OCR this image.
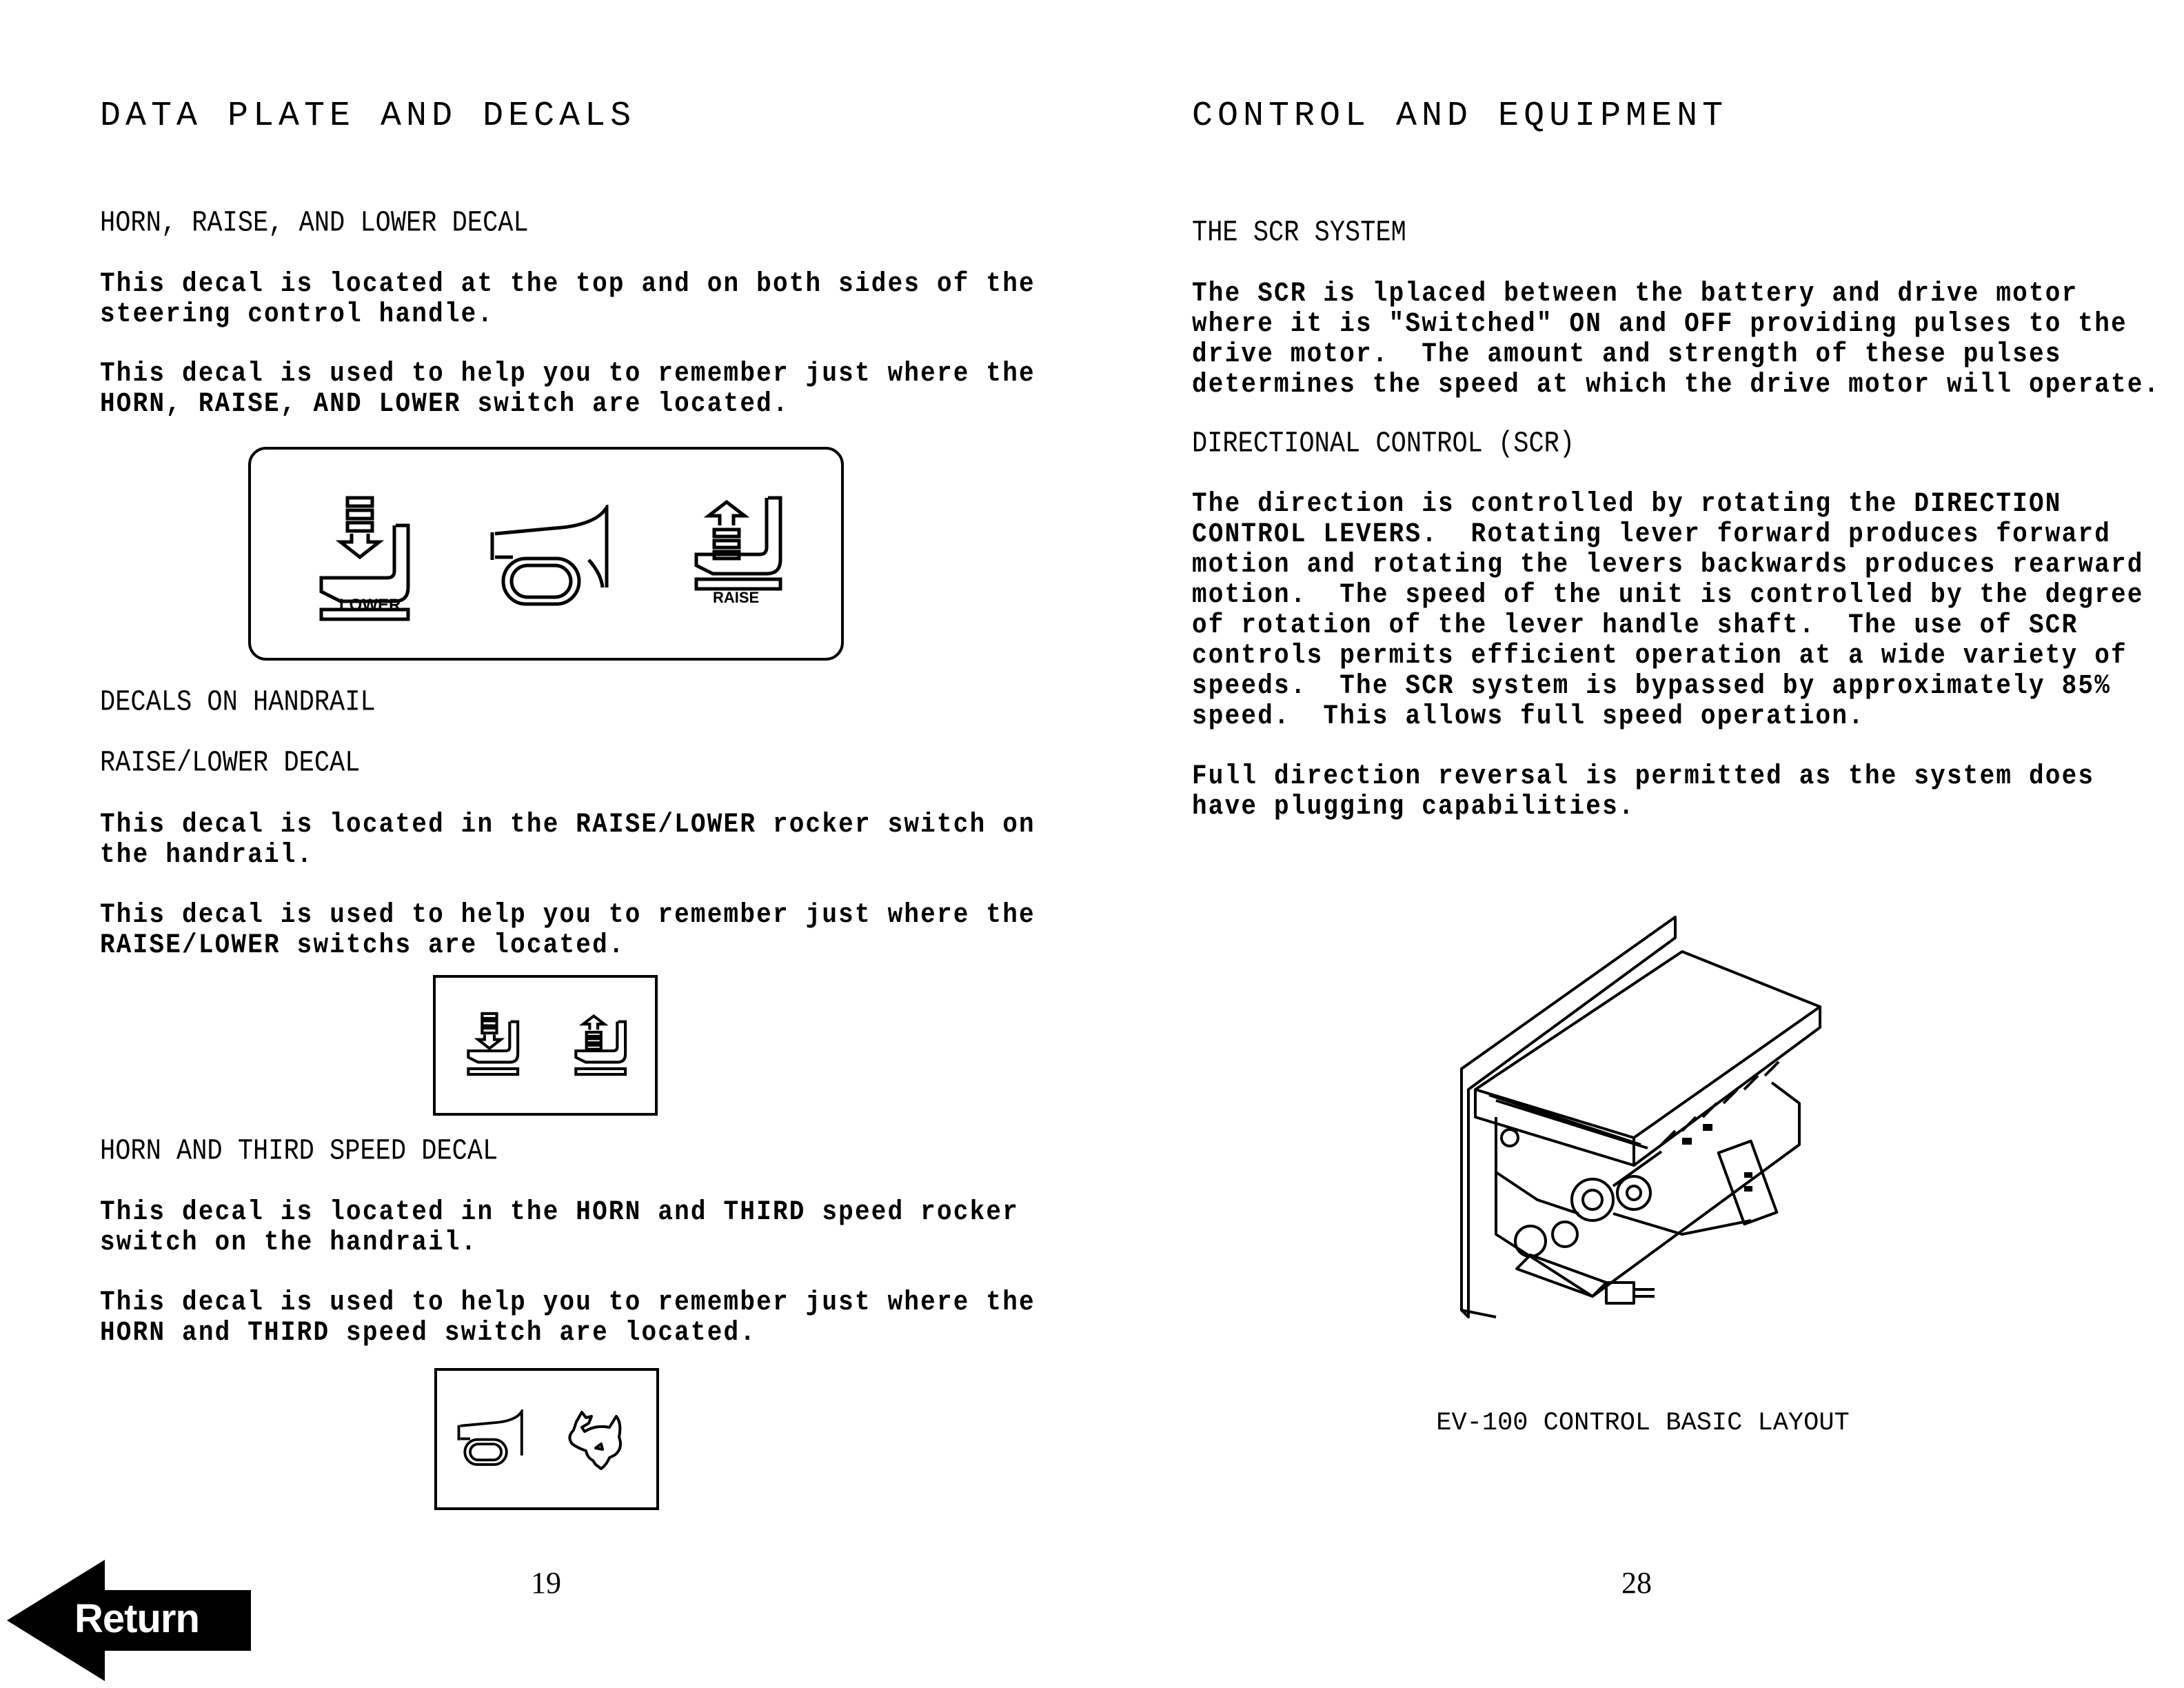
DATA PLATE AND DECALS
HORN, RAISE, AND LOWER DECAL
This decal is located at the top and on both sides of the
steering control handle.
This decal is used to help you to remember just where the
HORN, RAISE, AND LOWER switch are located.
LOWER	RAISE
DECALS ON HANDRAIL
RAISE/LOWER DECAL
This decal is located in the RAISE/LOWER rocker switch on
the handrail.
This decal is used to help you to remember just where the
RAISE/LOWER switchs are located.
HORN AND THIRD SPEED DECAL
This decal is located in the HORN and THIRD speed rocker
switch on the handrail.
This decal is used to help you to remember just where the
HORN and THIRD speed switch are located.
19
Return
CONTROL AND EQUIPMENT
THE SCR SYSTEM
The SCR is lplaced between the battery and drive motor
where it is "Switched" ON and OFF providing pulses to the
drive motor.  The amount and strength of these pulses
determines the speed at which the drive motor will operate.
DIRECTIONAL CONTROL (SCR)
The direction is controlled by rotating the DIRECTION
CONTROL LEVERS.  Rotating lever forward produces forward
motion and rotating the levers backwards produces rearward
motion.  The speed of the unit is controlled by the degree
of rotation of the lever handle shaft.  The use of SCR
controls permits efficient operation at a wide variety of
speeds.  The SCR system is bypassed by approximately 85%
speed.  This allows full speed operation.
Full direction reversal is permitted as the system does
have plugging capabilities.
EV-100 CONTROL BASIC LAYOUT
28
